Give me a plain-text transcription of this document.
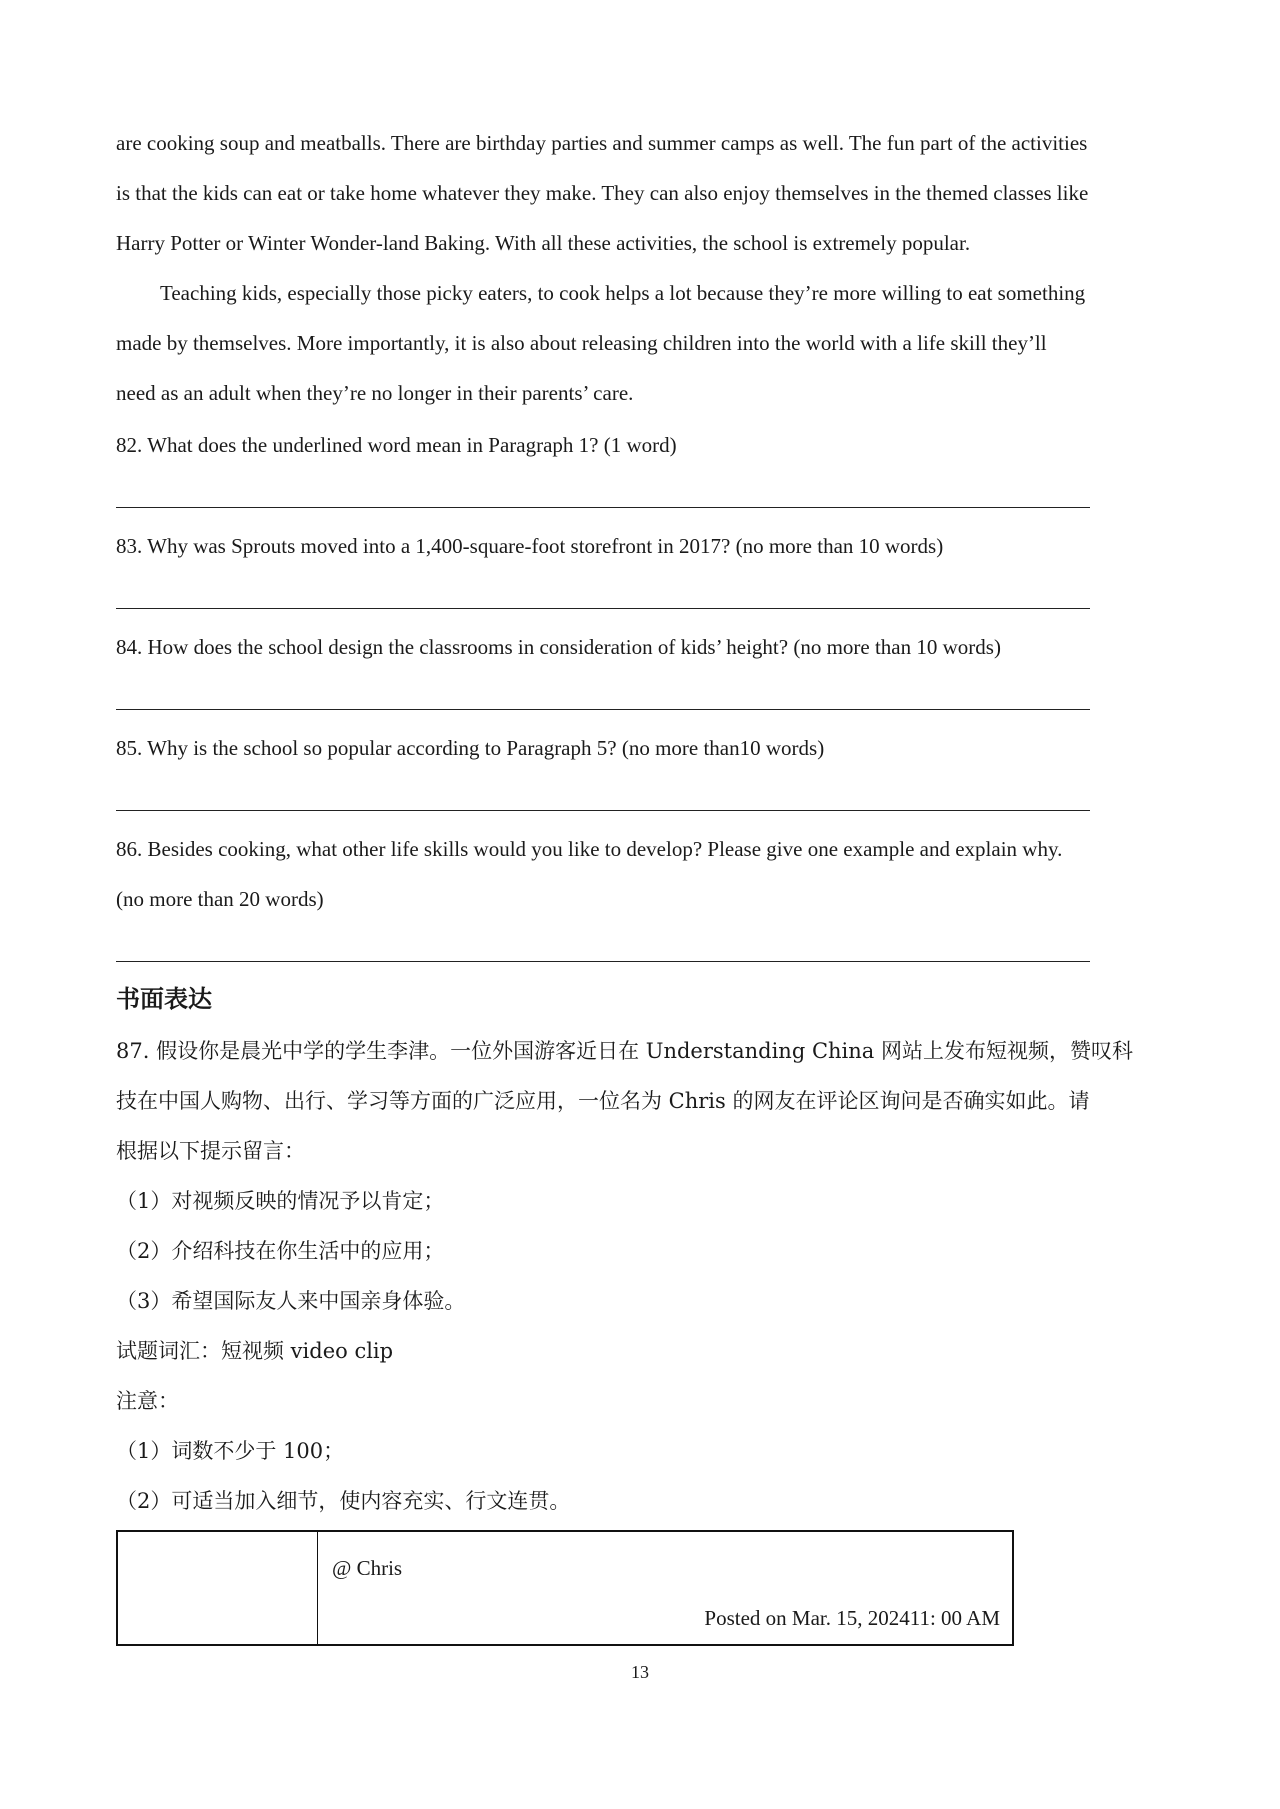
are cooking soup and meatballs. There are birthday parties and summer camps as well. The fun part of the activities
is that the kids can eat or take home whatever they make. They can also enjoy themselves in the themed classes like
Harry Potter or Winter Wonder-land Baking. With all these activities, the school is extremely popular.
Teaching kids, especially those picky eaters, to cook helps a lot because they’re more willing to eat something
made by themselves. More importantly, it is also about releasing children into the world with a life skill they’ll
need as an adult when they’re no longer in their parents’ care.

82. What does the underlined word mean in Paragraph 1? (1 word)

83. Why was Sprouts moved into a 1,400-square-foot storefront in 2017? (no more than 10 words)

84. How does the school design the classrooms in consideration of kids’ height? (no more than 10 words)

85. Why is the school so popular according to Paragraph 5? (no more than10 words)

86. Besides cooking, what other life skills would you like to develop? Please give one example and explain why.

(no more than 20 words)

书面表达

87. 假设你是晨光中学的学生李津。一位外国游客近日在 Understanding China 网站上发布短视频，赞叹科

技在中国人购物、出行、学习等方面的广泛应用，一位名为 Chris 的网友在评论区询问是否确实如此。请

根据以下提示留言：

（1）对视频反映的情况予以肯定；

（2）介绍科技在你生活中的应用；

（3）希望国际友人来中国亲身体验。

试题词汇：短视频 video clip

注意：

（1）词数不少于 100；

（2）可适当加入细节，使内容充实、行文连贯。

@ Chris
Posted on Mar. 15, 202411: 00 AM
13
